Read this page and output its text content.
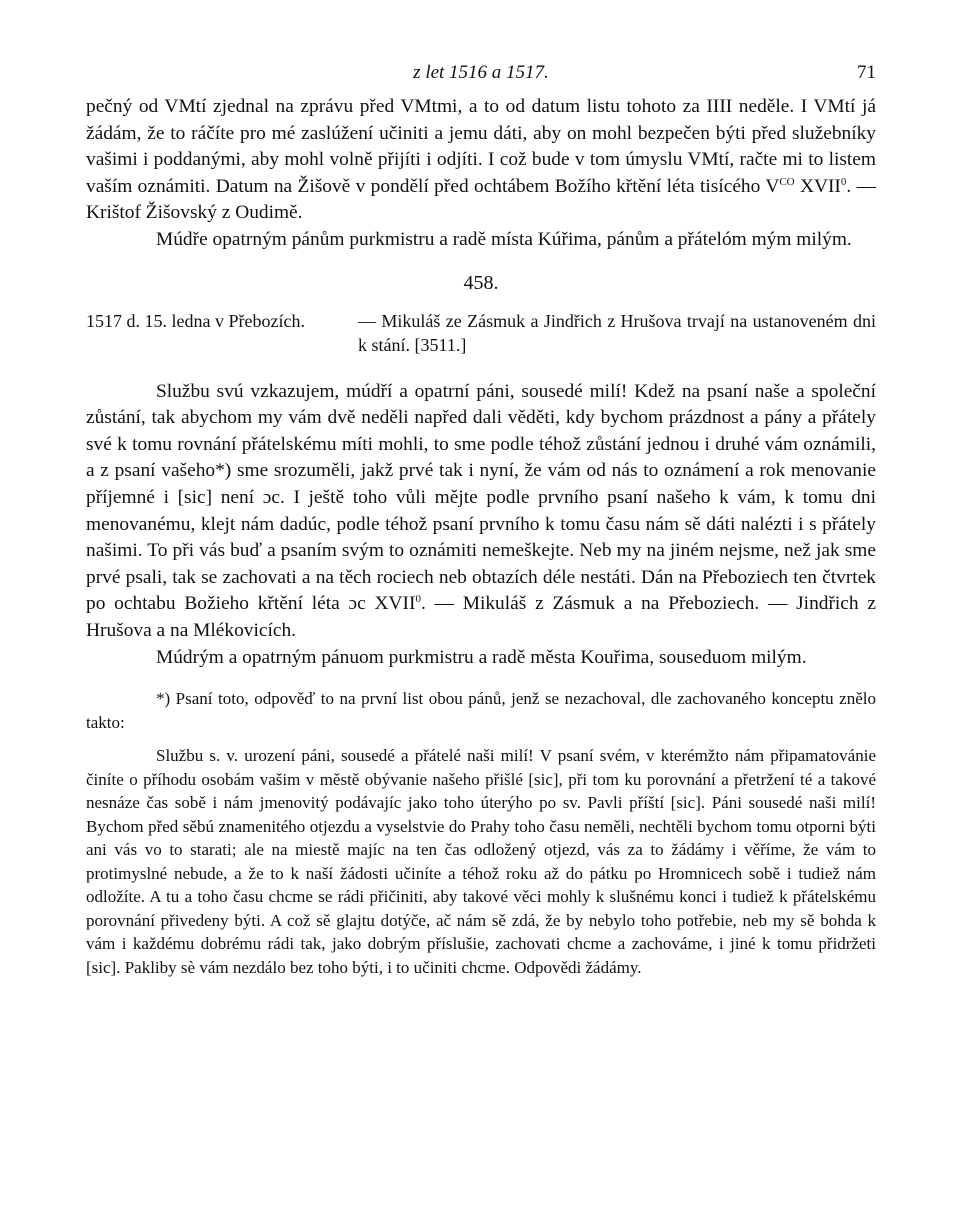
z let 1516 a 1517.	71

pečný od VMtí zjednal na zprávu před VMtmi, a to od datum listu tohoto za IIII neděle. I VMtí já žádám, že to ráčíte pro mé zaslúžení učiniti a jemu dáti, aby on mohl bezpečen býti před služebníky vašimi i poddanými, aby mohl volně přijíti i odjíti. I což bude v tom úmyslu VMtí, račte mi to listem vaším oznámiti. Datum na Žišově v pondělí před ochtábem Božího křtění léta tisícého $V^{CO}$ XVII$^0$. — Krištof Žišovský z Oudimě.

Múdře opatrným pánům purkmistru a radě místa Kúřima, pánům a přátelóm mým milým.

458.
1517 d. 15. ledna v Přebozích.	— Mikuláš ze Zásmuk a Jindřich z Hrušova trvají na ustanoveném dni k stání. [3511.]

Službu svú vzkazujem, múdří a opatrní páni, sousedé milí! Kdež na psaní naše a společní zůstání, tak abychom my vám dvě neděli napřed dali věděti, kdy bychom prázdnost a pány a přátely své k tomu rovnání přátelskému míti mohli, to sme podle téhož zůstání jednou i druhé vám oznámili, a z psaní vašeho*) sme srozuměli, jakž prvé tak i nyní, že vám od nás to oznámení a rok menovanie příjemné i [sic] není ɔc. I ještě toho vůli mějte podle prvního psaní našeho k vám, k tomu dni menovanému, klejt nám dadúc, podle téhož psaní prvního k tomu času nám sě dáti nalézti i s přátely našimi. To při vás buď a psaním svým to oznámiti nemeškejte. Neb my na jiném nejsme, než jak sme prvé psali, tak se zachovati a na těch rociech neb obtazích déle nestáti. Dán na Přeboziech ten čtvrtek po ochtabu Božieho křtění léta ɔc XVII$^0$. — Mikuláš z Zásmuk a na Přeboziech. — Jindřich z Hrušova a na Mlékovicích.

Múdrým a opatrným pánuom purkmistru a radě města Kouřima, souseduom milým.

*) Psaní toto, odpověď to na první list obou pánů, jenž se nezachoval, dle zachovaného konceptu znělo takto:

Službu s. v. urození páni, sousedé a přátelé naši milí! V psaní svém, v kterémžto nám připamatovánie činíte o příhodu osobám vašim v městě obývanie našeho přišlé [sic], při tom ku porovnání a přetržení té a takové nesnáze čas sobě i nám jmenovitý podávajíc jako toho úterýho po sv. Pavli příští [sic]. Páni sousedé naši milí! Bychom před sěbú znamenitého otjezdu a vyselstvie do Prahy toho času neměli, nechtěli bychom tomu otporni býti ani vás vo to starati; ale na miestě majíc na ten čas odložený otjezd, vás za to žádámy i věříme, že vám to protimyslné nebude, a že to k naší žádosti učiníte a téhož roku až do pátku po Hromnicech sobě i tudiež nám odložíte. A tu a toho času chcme se rádi přičiniti, aby takové věci mohly k slušnému konci i tudiež k přátelskému porovnání přivedeny býti. A což sě glajtu dotýče, ač nám sě zdá, že by nebylo toho potřebie, neb my sě bohda k vám i každému dobrému rádi tak, jako dobrým příslušie, zachovati chcme a zachováme, i jiné k tomu přidržeti [sic]. Pakliby sè vám nezdálo bez toho býti, i to učiniti chcme. Odpovědi žádámy.
